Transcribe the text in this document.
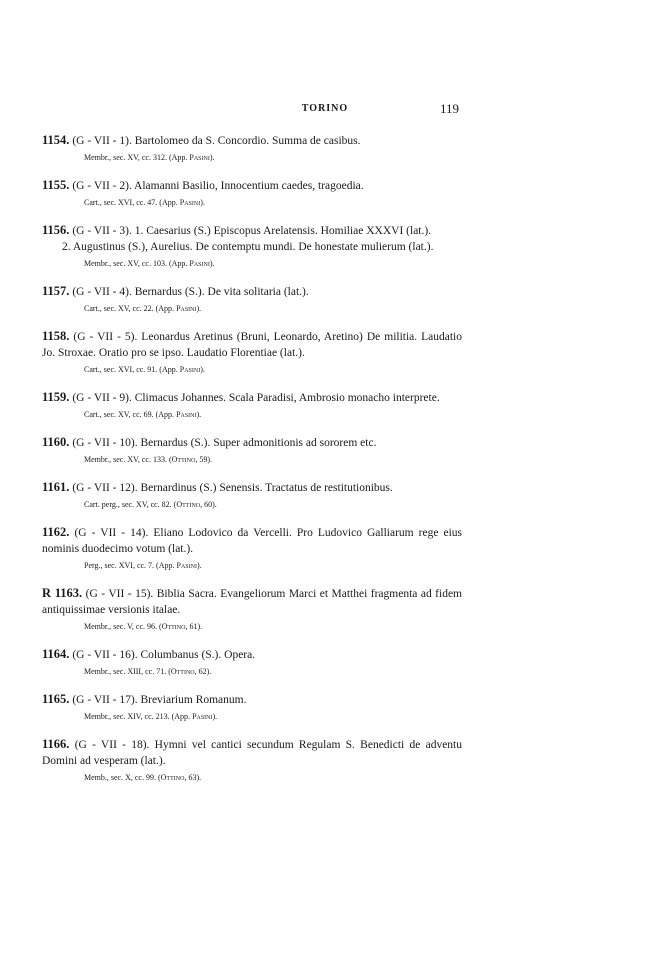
TORINO	119

1154. (G - VII - 1). Bartolomeo da S. Concordio. Summa de casibus.

Membr., sec. XV, cc. 312. (App. Pasini).

1155. (G - VII - 2). Alamanni Basilio, Innocentium caedes, tragoedia.

Cart., sec. XVI, cc. 47. (App. Pasini).

1156. (G - VII - 3). 1. Caesarius (S.) Episcopus Arelatensis. Homiliae XXXVI (lat.).

2. Augustinus (S.), Aurelius. De contemptu mundi. De honestate mulierum (lat.).

Membr., sec. XV, cc. 103. (App. Pasini).

1157. (G - VII - 4). Bernardus (S.). De vita solitaria (lat.).

Cart., sec. XV, cc. 22. (App. Pasini).

1158. (G - VII - 5). Leonardus Aretinus (Bruni, Leonardo, Aretino) De militia. Laudatio Jo. Stroxae. Oratio pro se ipso. Laudatio Florentiae (lat.).

Cart., sec. XVI, cc. 91. (App. Pasini).

1159. (G - VII - 9). Climacus Johannes. Scala Paradisi, Ambrosio monacho interprete.

Cart., sec. XV, cc. 69. (App. Pasini).

1160. (G - VII - 10). Bernardus (S.). Super admonitionis ad sororem etc.

Membr., sec. XV, cc. 133. (Ottino, 59).

1161. (G - VII - 12). Bernardinus (S.) Senensis. Tractatus de restitutionibus.

Cart. perg., sec. XV, cc. 82. (Ottino, 60).

1162. (G - VII - 14). Eliano Lodovico da Vercelli. Pro Ludovico Galliarum rege eius nominis duodecimo votum (lat.).

Perg., sec. XVI, cc. 7. (App. Pasini).

R 1163. (G - VII - 15). Biblia Sacra. Evangeliorum Marci et Matthei fragmenta ad fidem antiquissimae versionis italae.

Membr., sec. V, cc. 96. (Ottino, 61).

1164. (G - VII - 16). Columbanus (S.). Opera.

Membr., sec. XIII, cc. 71. (Ottino, 62).

1165. (G - VII - 17). Breviarium Romanum.

Membr., sec. XIV, cc. 213. (App. Pasini).

1166. (G - VII - 18). Hymni vel cantici secundum Regulam S. Benedicti de adventu Domini ad vesperam (lat.).

Memb., sec. X, cc. 99. (Ottino, 63).
